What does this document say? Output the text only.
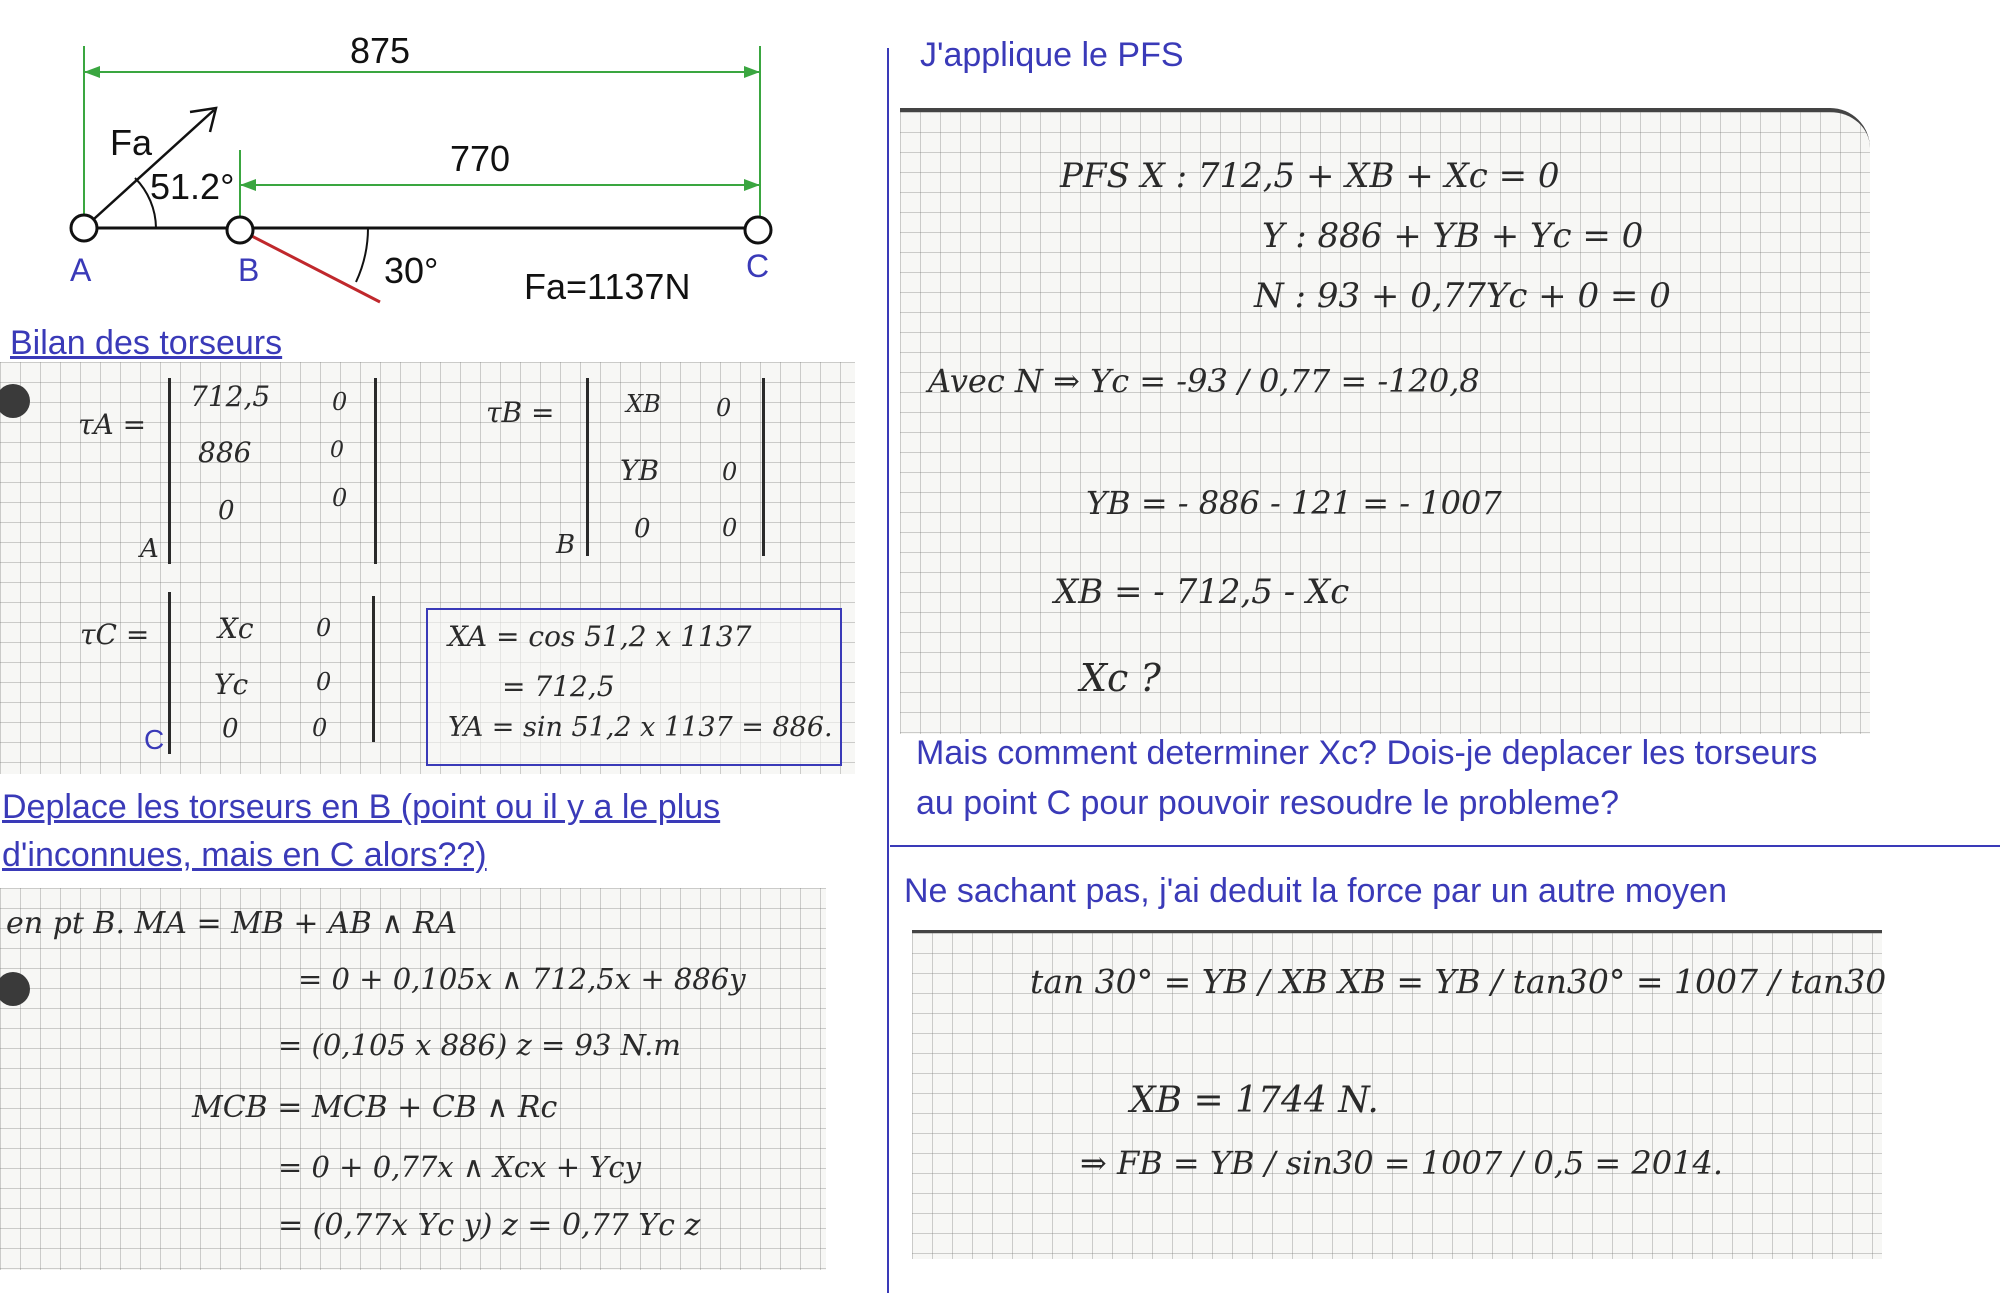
875
770
Fa
51.2°
30° Fa=1137N
A	B	C
Bilan des torseurs
τA =
712,5	0
886	0
0	0
A
τB =	XB 0
YB	0
0	0
B
τC = Xc	0
Yc	0
0	0
C
XA = cos 51,2 x 1137
= 712,5
YA = sin 51,2 x 1137 = 886.
Deplace les torseurs en B (point ou il y a le plus
d'inconnues, mais en C alors??)
en pt B. MA = MB + AB ∧ RA
= 0 + 0,105x ∧ 712,5x + 886y
= (0,105 x 886) z = 93 N.m
MCB = MCB + CB ∧ Rc
= 0 + 0,77x ∧ Xcx + Ycy
= (0,77x Yc y) z = 0,77 Yc z
J'applique le PFS
PFS X : 712,5 + XB + Xc = 0
Y : 886 + YB + Yc = 0
N : 93 + 0,77Yc + 0 = 0
Avec N ⇒ Yc = -93 / 0,77 = -120,8
YB = - 886 - 121 = - 1007
XB = - 712,5 - Xc
Xc ?
Mais comment determiner Xc? Dois-je deplacer les torseurs
au point C pour pouvoir resoudre le probleme?
Ne sachant pas, j'ai deduit la force par un autre moyen
tan 30° = YB / XB XB = YB / tan30° = 1007 / tan30
XB = 1744 N.
⇒ FB = YB / sin30 = 1007 / 0,5 = 2014.
